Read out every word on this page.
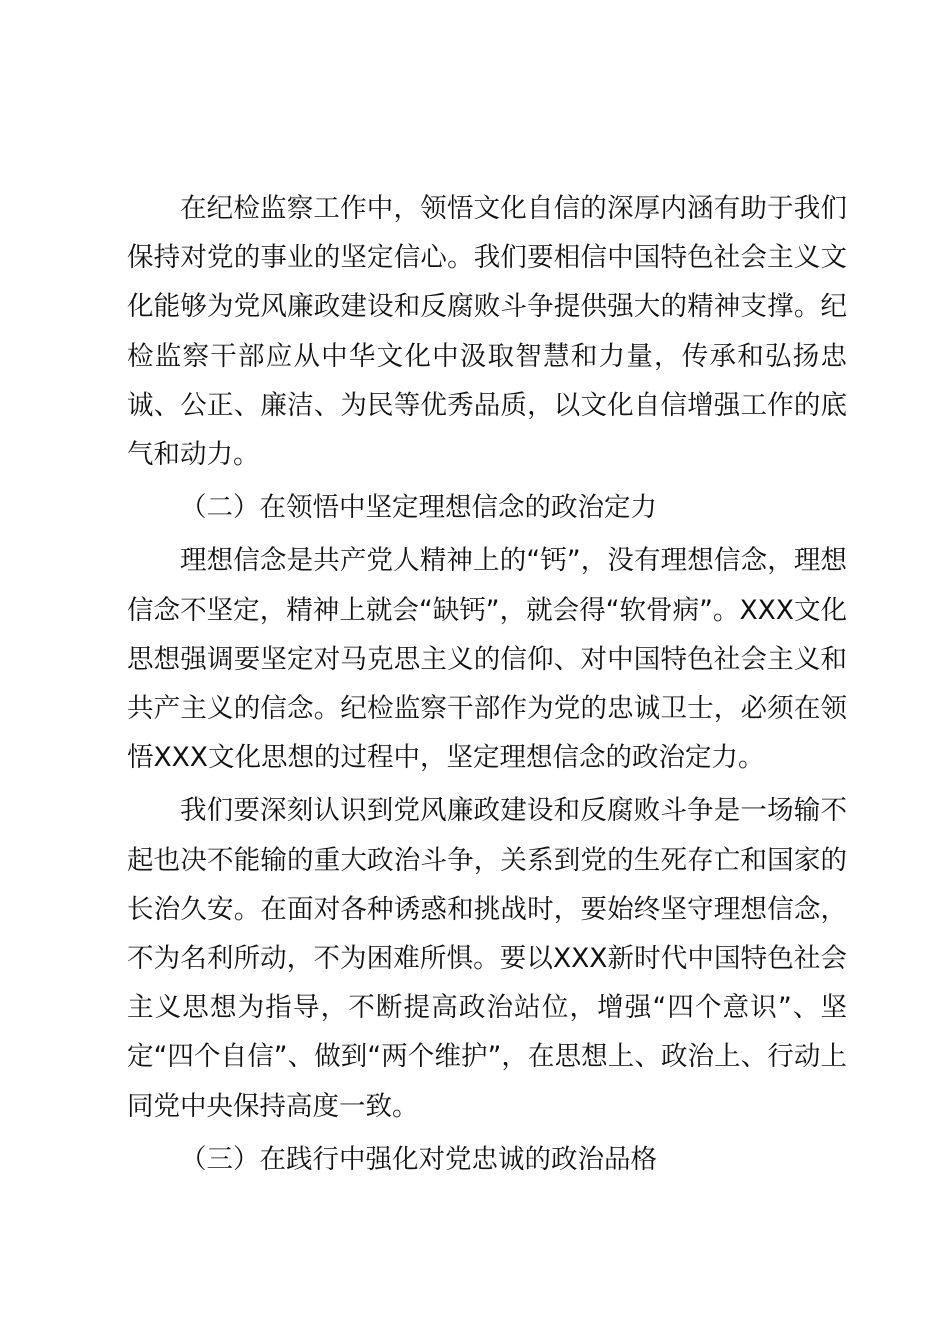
在纪检监察工作中，领悟文化自信的深厚内涵有助于我们保持对党的事业的坚定信心。我们要相信中国特色社会主义文化能够为党风廉政建设和反腐败斗争提供强大的精神支撑。纪检监察干部应从中华文化中汲取智慧和力量，传承和弘扬忠诚、公正、廉洁、为民等优秀品质，以文化自信增强工作的底气和动力。

（二）在领悟中坚定理想信念的政治定力

理想信念是共产党人精神上的“钙”，没有理想信念，理想信念不坚定，精神上就会“缺钙”，就会得“软骨病”。XXX文化思想强调要坚定对马克思主义的信仰、对中国特色社会主义和共产主义的信念。纪检监察干部作为党的忠诚卫士，必须在领悟XXX文化思想的过程中，坚定理想信念的政治定力。

我们要深刻认识到党风廉政建设和反腐败斗争是一场输不起也决不能输的重大政治斗争，关系到党的生死存亡和国家的长治久安。在面对各种诱惑和挑战时，要始终坚守理想信念，不为名利所动，不为困难所惧。要以XXX新时代中国特色社会主义思想为指导，不断提高政治站位，增强“四个意识”、坚定“四个自信”、做到“两个维护”，在思想上、政治上、行动上同党中央保持高度一致。

（三）在践行中强化对党忠诚的政治品格
